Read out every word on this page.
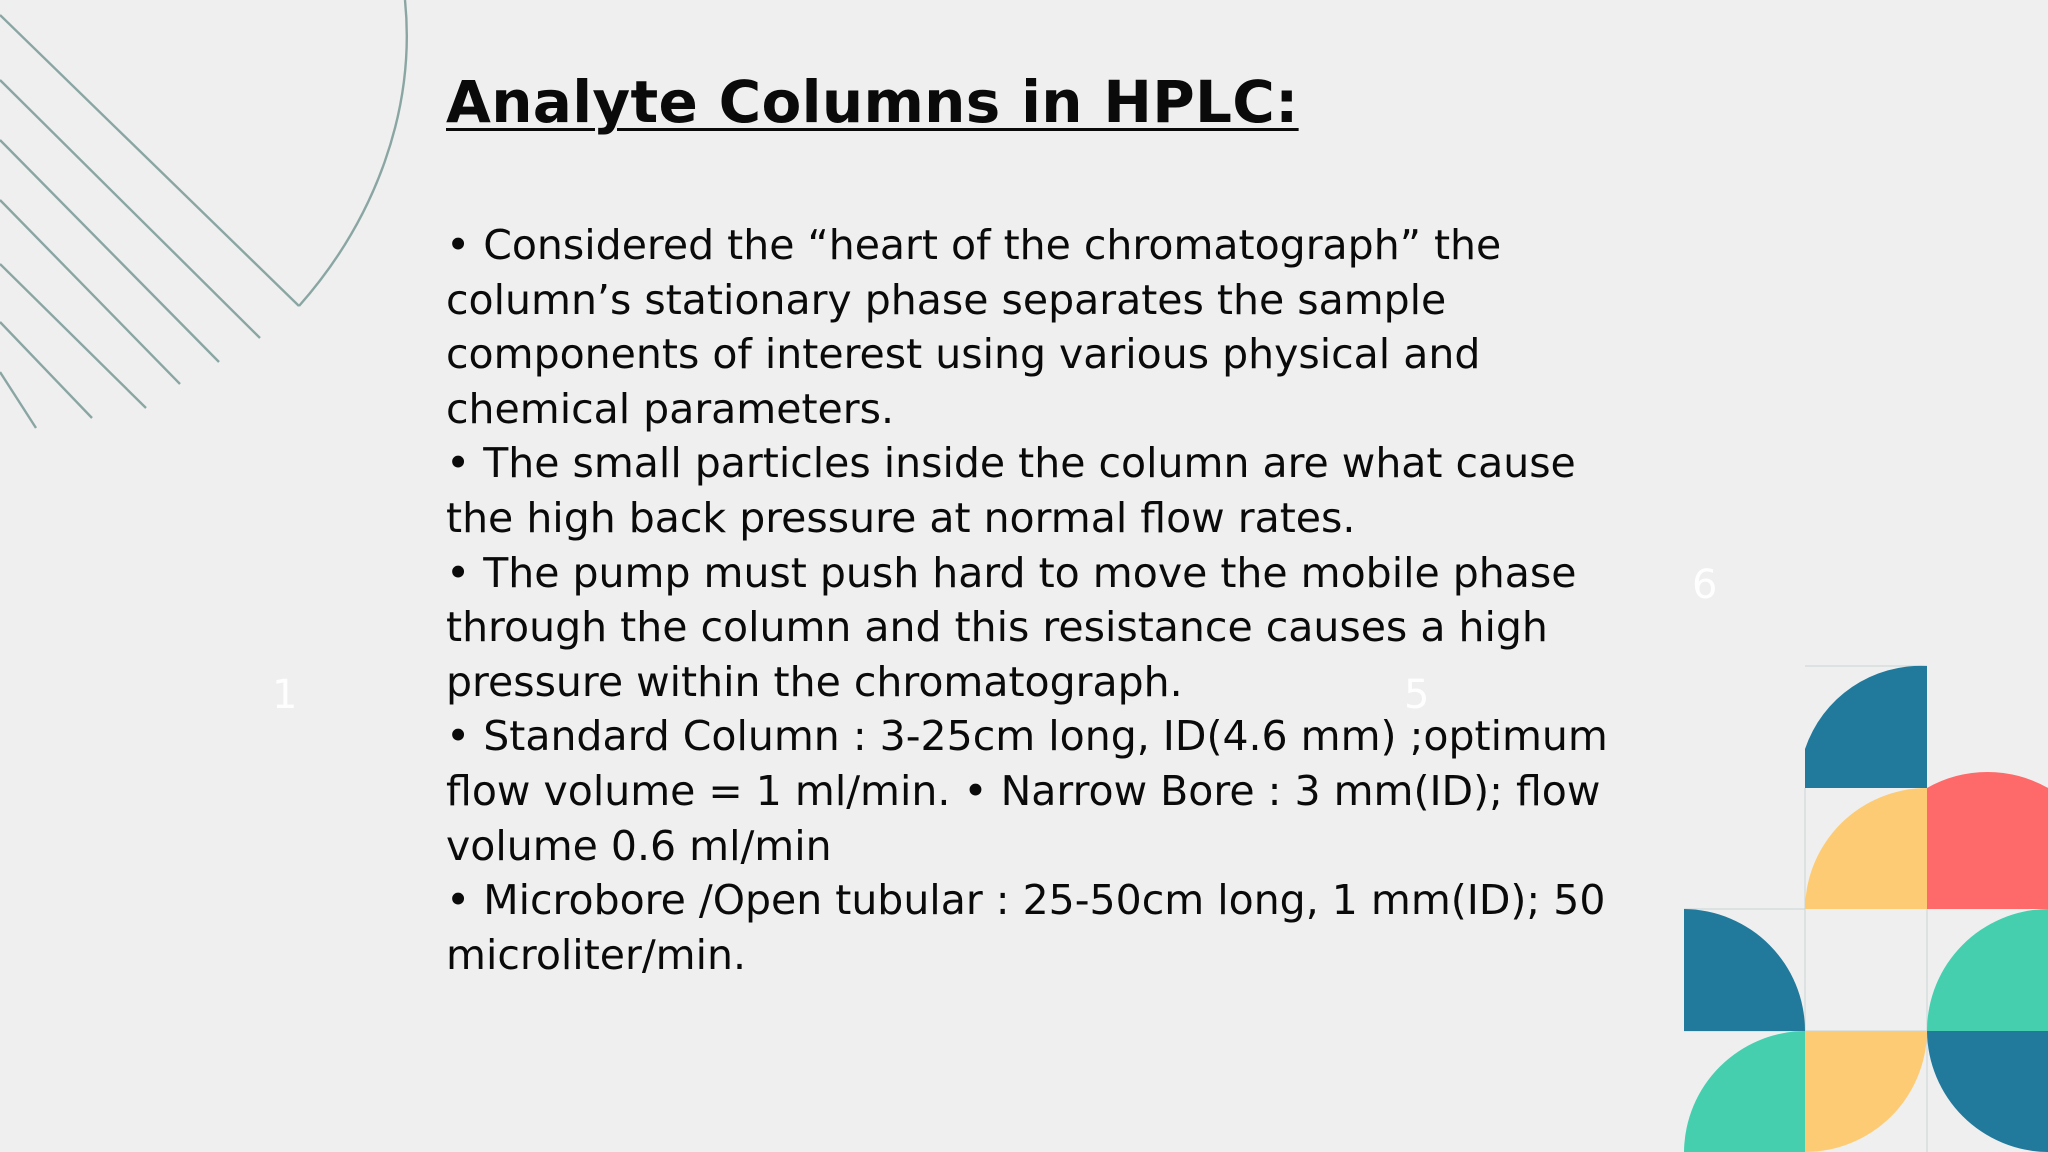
1	5
6
Analyte Columns in HPLC:
• Considered the “heart of the chromatograph” the
column’s stationary phase separates the sample
components of interest using various physical and
chemical parameters.
• The small particles inside the column are what cause
the high back pressure at normal flow rates.
• The pump must push hard to move the mobile phase
through the column and this resistance causes a high
pressure within the chromatograph.
• Standard Column : 3-25cm long, ID(4.6 mm) ;optimum
flow volume = 1 ml/min. • Narrow Bore : 3 mm(ID); flow
volume 0.6 ml/min
• Microbore /Open tubular : 25-50cm long, 1 mm(ID); 50
microliter/min.
